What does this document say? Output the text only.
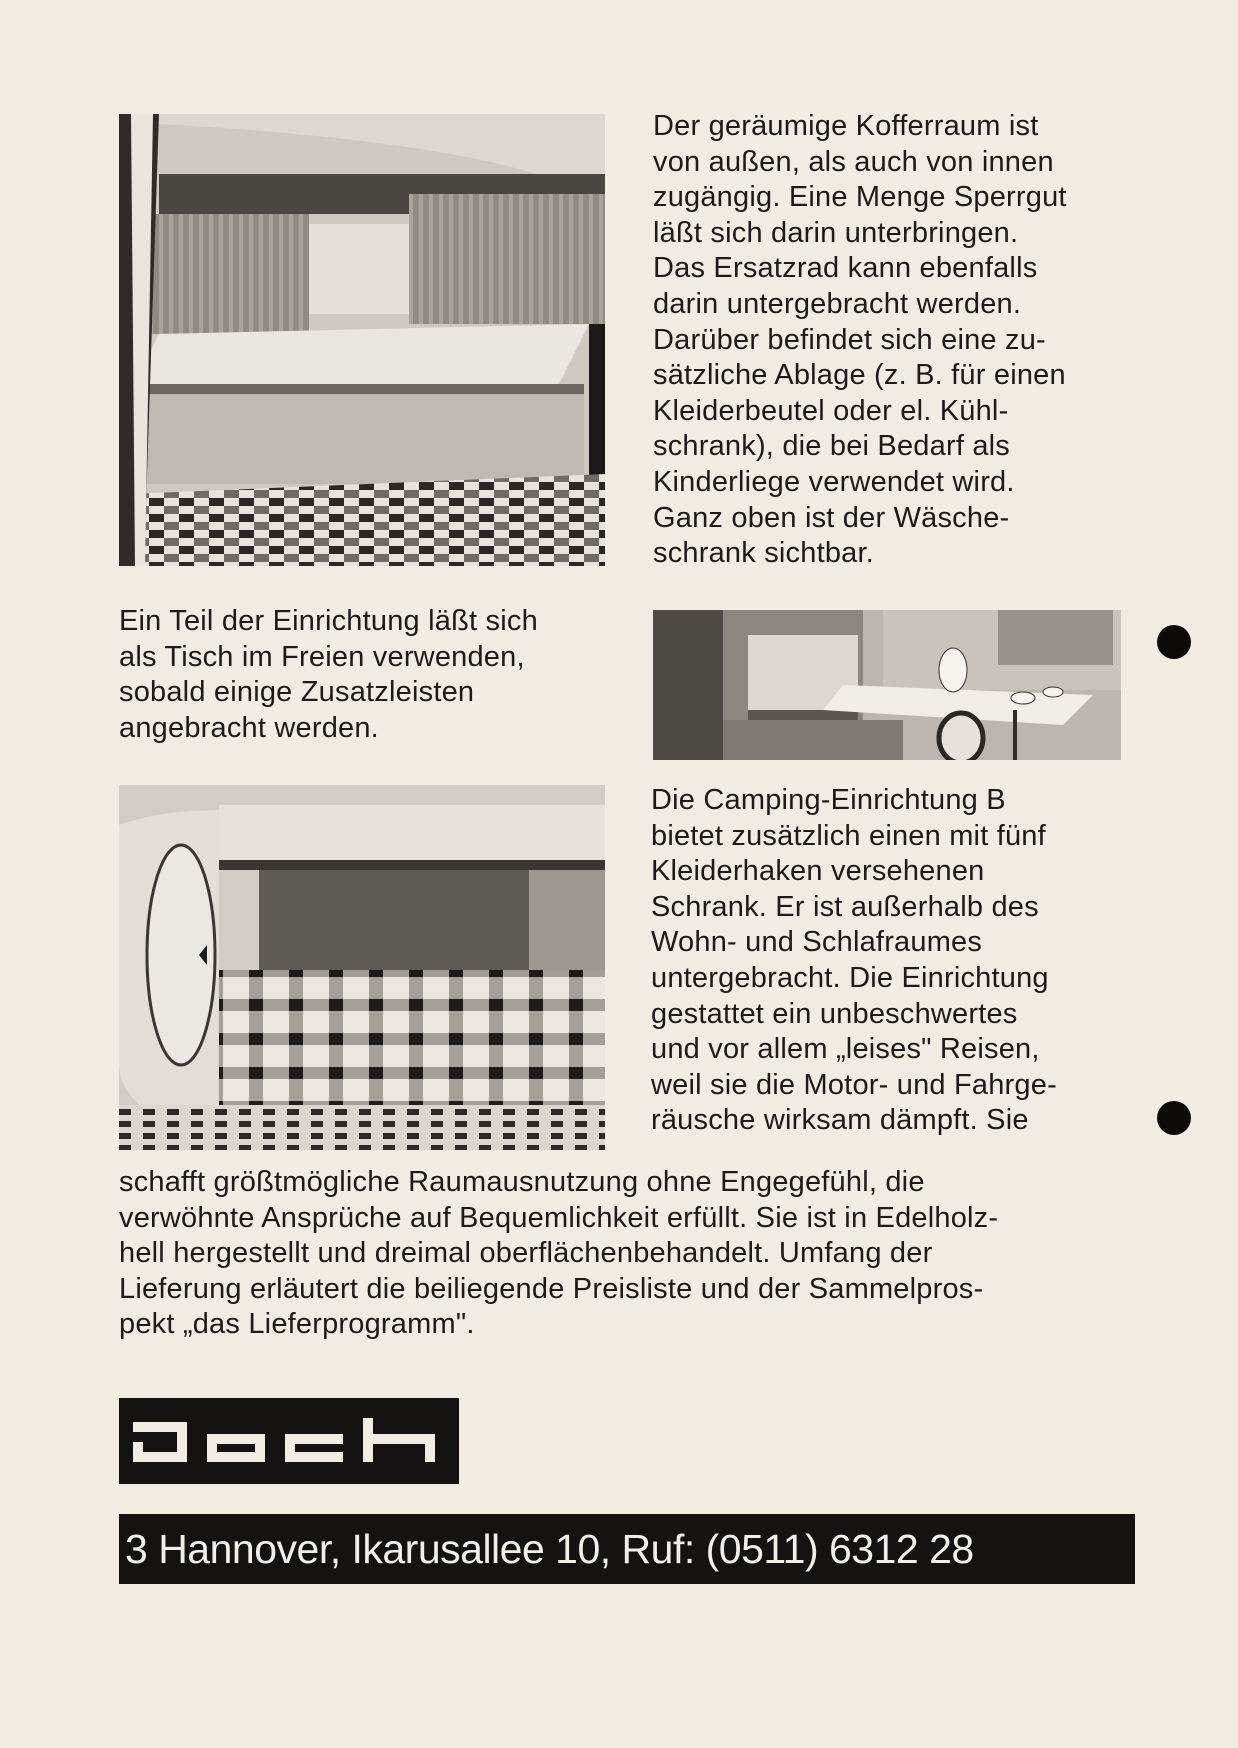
Der geräumige Kofferraum ist
von außen, als auch von innen
zugängig. Eine Menge Sperrgut
läßt sich darin unterbringen.
Das Ersatzrad kann ebenfalls
darin untergebracht werden.
Darüber befindet sich eine zu-
sätzliche Ablage (z. B. für einen
Kleiderbeutel oder el. Kühl-
schrank), die bei Bedarf als
Kinderliege verwendet wird.
Ganz oben ist der Wäsche-
schrank sichtbar.

Ein Teil der Einrichtung läßt sich
als Tisch im Freien verwenden,
sobald einige Zusatzleisten
angebracht werden.

Die Camping-Einrichtung B
bietet zusätzlich einen mit fünf
Kleiderhaken versehenen
Schrank. Er ist außerhalb des
Wohn- und Schlafraumes
untergebracht. Die Einrichtung
gestattet ein unbeschwertes
und vor allem „leises" Reisen,
weil sie die Motor- und Fahrge-
räusche wirksam dämpft. Sie

schafft größtmögliche Raumausnutzung ohne Engegefühl, die
verwöhnte Ansprüche auf Bequemlichkeit erfüllt. Sie ist in Edelholz-
hell hergestellt und dreimal oberflächenbehandelt. Umfang der
Lieferung erläutert die beiliegende Preisliste und der Sammelpros-
pekt „das Lieferprogramm".

3 Hannover, Ikarusallee 10, Ruf: (0511) 6312 28
